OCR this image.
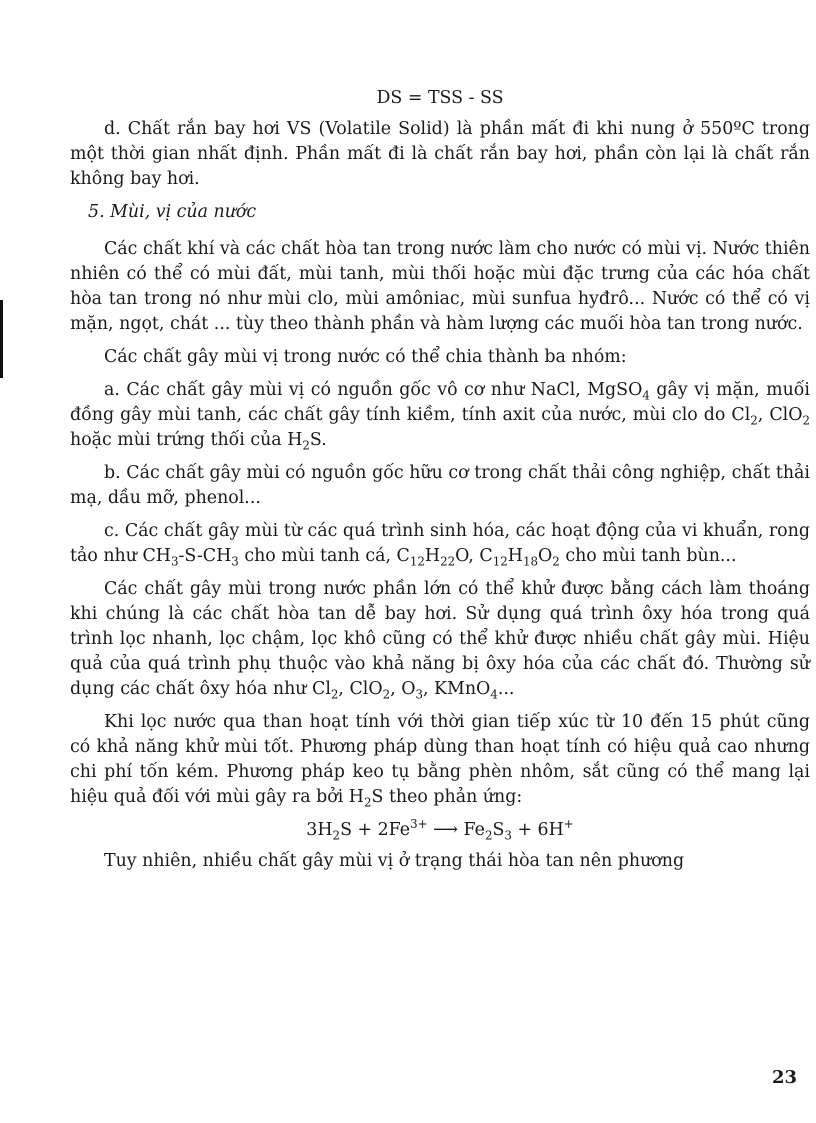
DS = TSS - SS

d. Chất rắn bay hơi VS (Volatile Solid) là phần mất đi khi nung ở 550ºC trong một thời gian nhất định. Phần mất đi là chất rắn bay hơi, phần còn lại là chất rắn không bay hơi.

5. Mùi, vị của nước

Các chất khí và các chất hòa tan trong nước làm cho nước có mùi vị. Nước thiên nhiên có thể có mùi đất, mùi tanh, mùi thối hoặc mùi đặc trưng của các hóa chất hòa tan trong nó như mùi clo, mùi amôniac, mùi sunfua hyđrô... Nước có thể có vị mặn, ngọt, chát ... tùy theo thành phần và hàm lượng các muối hòa tan trong nước.

Các chất gây mùi vị trong nước có thể chia thành ba nhóm:

a. Các chất gây mùi vị có nguồn gốc vô cơ như NaCl, MgSO$_4$ gây vị mặn, muối đồng gây mùi tanh, các chất gây tính kiềm, tính axit của nước, mùi clo do $Cl_2$, ClO$_2$ hoặc mùi trứng thối của $H_2S$.

b. Các chất gây mùi có nguồn gốc hữu cơ trong chất thải công nghiệp, chất thải mạ, dầu mỡ, phenol...

c. Các chất gây mùi từ các quá trình sinh hóa, các hoạt động của vi khuẩn, rong tảo như $CH_3-S-CH_3$ cho mùi tanh cá, $C_{12}H_{22}O$, $C_{12}H_{18}O_2$ cho mùi tanh bùn...

Các chất gây mùi trong nước phần lớn có thể khử được bằng cách làm thoáng khi chúng là các chất hòa tan dễ bay hơi. Sử dụng quá trình ôxy hóa trong quá trình lọc nhanh, lọc chậm, lọc khô cũng có thể khử được nhiều chất gây mùi. Hiệu quả của quá trình phụ thuộc vào khả năng bị ôxy hóa của các chất đó. Thường sử dụng các chất ôxy hóa như $Cl_2$, ClO$_2$, $O_3$, KMnO$_4$...

Khi lọc nước qua than hoạt tính với thời gian tiếp xúc từ 10 đến 15 phút cũng có khả năng khử mùi tốt. Phương pháp dùng than hoạt tính có hiệu quả cao nhưng chi phí tốn kém. Phương pháp keo tụ bằng phèn nhôm, sắt cũng có thể mang lại hiệu quả đối với mùi gây ra bởi $H_2S$ theo phản ứng:

$3H_2S + 2Fe^{3+}$ ⟶ $Fe_2S_3 + 6H^+$

Tuy nhiên, nhiều chất gây mùi vị ở trạng thái hòa tan nên phương

23
